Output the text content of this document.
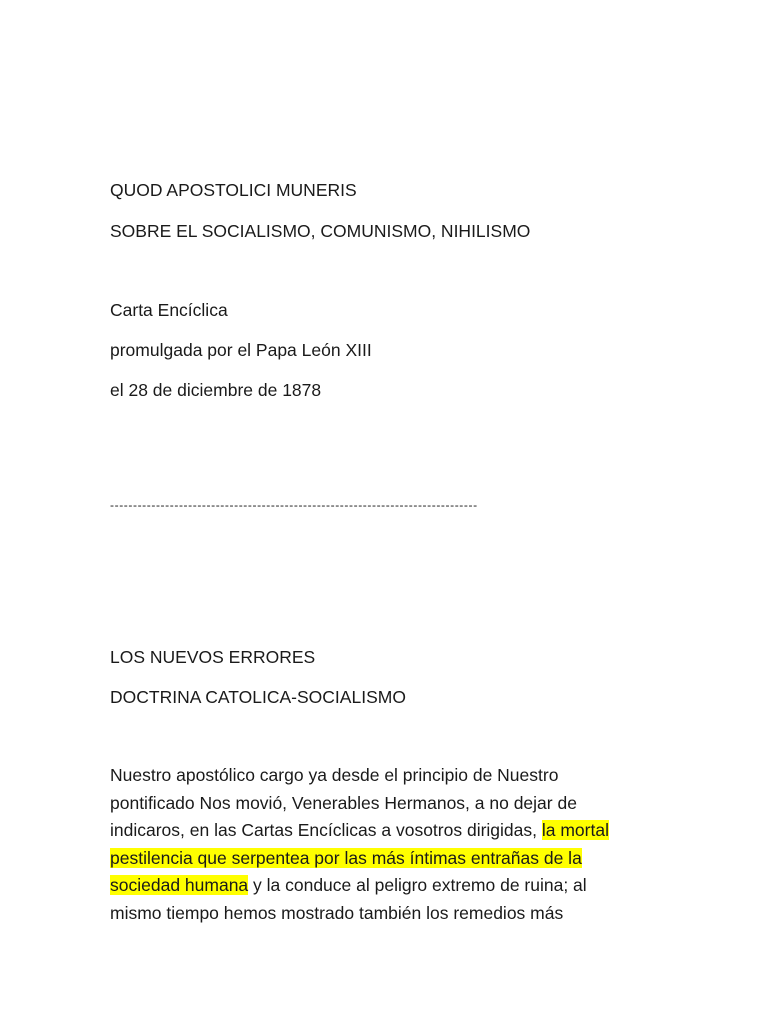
QUOD APOSTOLICI MUNERIS
SOBRE EL SOCIALISMO, COMUNISMO, NIHILISMO
Carta Encíclica
promulgada por el Papa León XIII
el 28 de diciembre de 1878
--------------------------------------------------------------------------------
LOS NUEVOS ERRORES
DOCTRINA CATOLICA-SOCIALISMO
Nuestro apostólico cargo ya desde el principio de Nuestro
pontificado Nos movió, Venerables Hermanos, a no dejar de
indicaros, en las Cartas Encíclicas a vosotros dirigidas, la mortal
pestilencia que serpentea por las más íntimas entrañas de la
sociedad humana y la conduce al peligro extremo de ruina; al
mismo tiempo hemos mostrado también los remedios más
